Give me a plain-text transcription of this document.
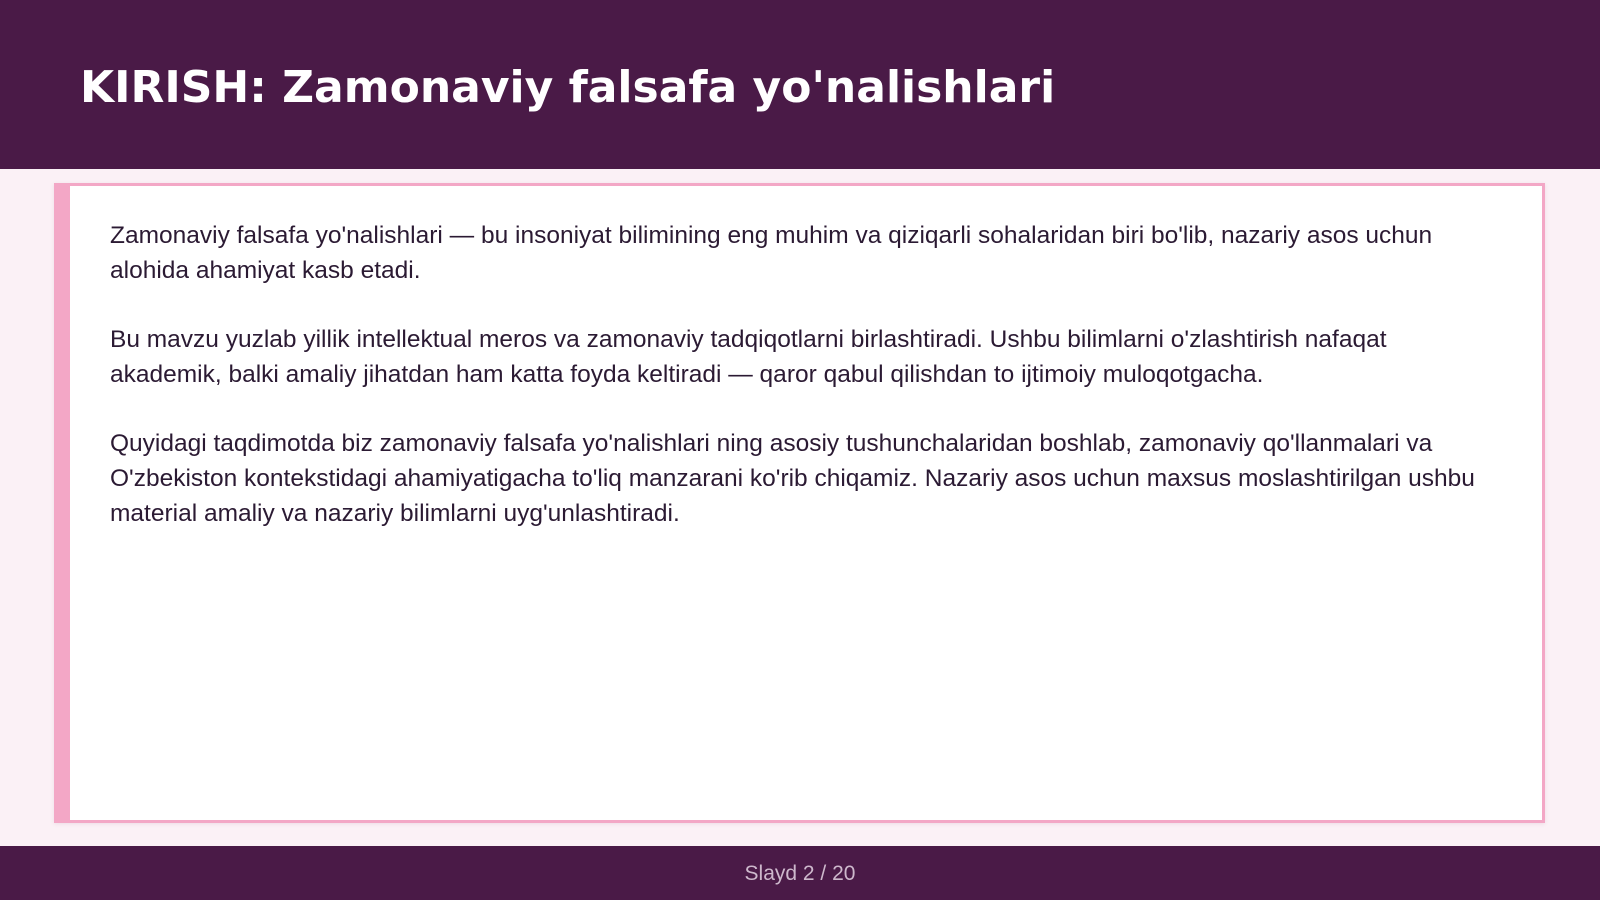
KIRISH: Zamonaviy falsafa yo'nalishlari

Zamonaviy falsafa yo'nalishlari — bu insoniyat bilimining eng muhim va qiziqarli sohalaridan biri bo'lib, nazariy asos uchun alohida ahamiyat kasb etadi.

Bu mavzu yuzlab yillik intellektual meros va zamonaviy tadqiqotlarni birlashtiradi. Ushbu bilimlarni o'zlashtirish nafaqat akademik, balki amaliy jihatdan ham katta foyda keltiradi — qaror qabul qilishdan to ijtimoiy muloqotgacha.

Quyidagi taqdimotda biz zamonaviy falsafa yo'nalishlari ning asosiy tushunchalaridan boshlab, zamonaviy qo'llanmalari va O'zbekiston kontekstidagi ahamiyatigacha to'liq manzarani ko'rib chiqamiz. Nazariy asos uchun maxsus moslashtirilgan ushbu material amaliy va nazariy bilimlarni uyg'unlashtiradi.

Slayd 2 / 20
